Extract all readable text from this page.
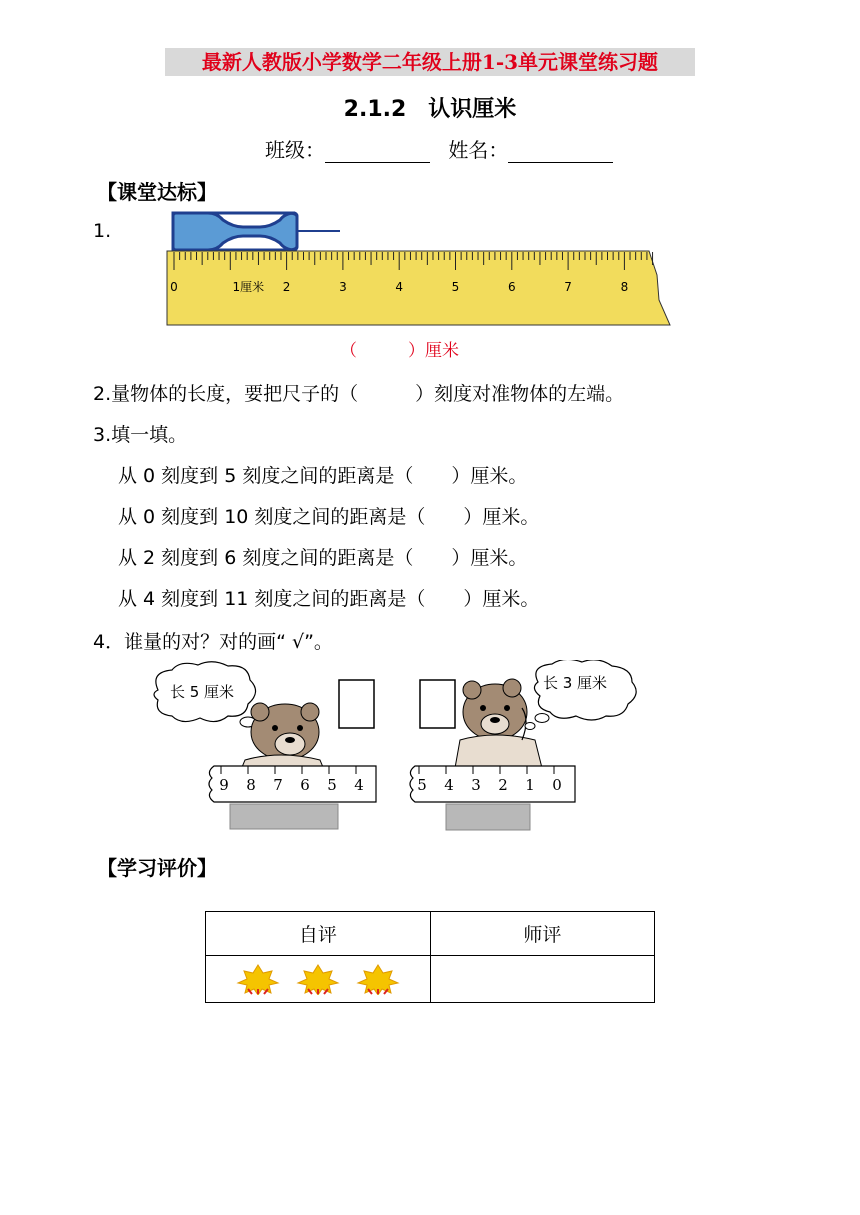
最新人教版小学数学二年级上册1-3单元课堂练习题
2.1.2　认识厘米
班级：	姓名：
【课堂达标】
1.
0	1厘米 2	3	4	5	6	7	8
（　　　）厘米
2.量物体的长度，要把尺子的（　　　）刻度对准物体的左端。
3.填一填。
从 0 刻度到 5 刻度之间的距离是（　　）厘米。
从 0 刻度到 10 刻度之间的距离是（　　）厘米。
从 2 刻度到 6 刻度之间的距离是（　　）厘米。
从 4 刻度到 11 刻度之间的距离是（　　）厘米。
4．谁量的对？对的画“ √”。
长 5 厘米	长 3 厘米
9 8 7 6 5 4	5 4 3 2 1 0
【学习评价】
自评	师评
